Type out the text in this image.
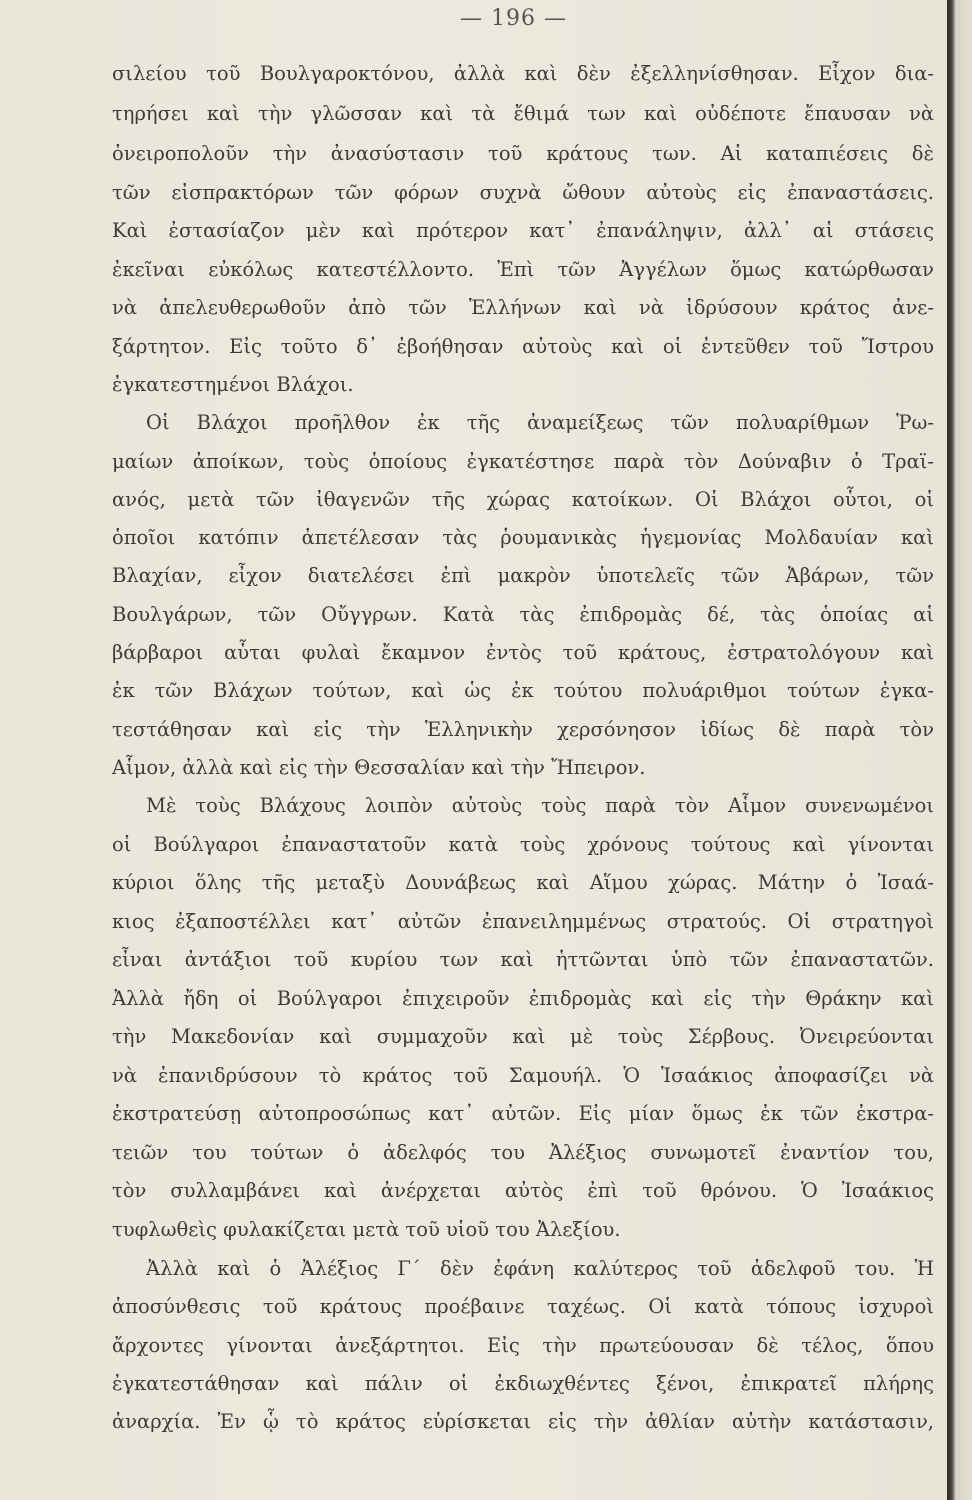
— 196 —
σιλείου τοῦ Βουλγαροκτόνου, ἀλλὰ καὶ δὲν ἐξελληνίσθησαν. Εἶχον δια-
τηρήσει καὶ τὴν γλῶσσαν καὶ τὰ ἔθιμά των καὶ οὐδέποτε ἔπαυσαν νὰ
ὀνειροπολοῦν τὴν ἀνασύστασιν τοῦ κράτους των. Αἱ καταπιέσεις δὲ
τῶν εἰσπρακτόρων τῶν φόρων συχνὰ ὤθουν αὐτοὺς εἰς ἐπαναστάσεις.
Καὶ ἐστασίαζον μὲν καὶ πρότερον κατ᾽ ἐπανάληψιν, ἀλλ᾽ αἱ στάσεις
ἐκεῖναι εὐκόλως κατεστέλλοντο. Ἐπὶ τῶν Ἀγγέλων ὅμως κατώρθωσαν
νὰ ἀπελευθερωθοῦν ἀπὸ τῶν Ἑλλήνων καὶ νὰ ἱδρύσουν κράτος ἀνε-
ξάρτητον. Εἰς τοῦτο δ᾽ ἐβοήθησαν αὐτοὺς καὶ οἱ ἐντεῦθεν τοῦ Ἴστρου
ἐγκατεστημένοι Βλάχοι.
Οἱ Βλάχοι προῆλθον ἐκ τῆς ἀναμείξεως τῶν πολυαρίθμων Ῥω-
μαίων ἀποίκων, τοὺς ὁποίους ἐγκατέστησε παρὰ τὸν Δούναβιν ὁ Τραϊ-
ανός, μετὰ τῶν ἰθαγενῶν τῆς χώρας κατοίκων. Οἱ Βλάχοι οὗτοι, οἱ
ὁποῖοι κατόπιν ἀπετέλεσαν τὰς ῥουμανικὰς ἡγεμονίας Μολδαυίαν καὶ
Βλαχίαν, εἶχον διατελέσει ἐπὶ μακρὸν ὑποτελεῖς τῶν Ἀβάρων, τῶν
Βουλγάρων, τῶν Οὔγγρων. Κατὰ τὰς ἐπιδρομὰς δέ, τὰς ὁποίας αἱ
βάρβαροι αὗται φυλαὶ ἔκαμνον ἐντὸς τοῦ κράτους, ἐστρατολόγουν καὶ
ἐκ τῶν Βλάχων τούτων, καὶ ὡς ἐκ τούτου πολυάριθμοι τούτων ἐγκα-
τεστάθησαν καὶ εἰς τὴν Ἑλληνικὴν χερσόνησον ἰδίως δὲ παρὰ τὸν
Αἷμον, ἀλλὰ καὶ εἰς τὴν Θεσσαλίαν καὶ τὴν Ἤπειρον.
Μὲ τοὺς Βλάχους λοιπὸν αὐτοὺς τοὺς παρὰ τὸν Αἷμον συνενωμένοι
οἱ Βούλγαροι ἐπαναστατοῦν κατὰ τοὺς χρόνους τούτους καὶ γίνονται
κύριοι ὅλης τῆς μεταξὺ Δουνάβεως καὶ Αἵμου χώρας. Μάτην ὁ Ἰσαά-
κιος ἐξαποστέλλει κατ᾽ αὐτῶν ἐπανειλημμένως στρατούς. Οἱ στρατηγοὶ
εἶναι ἀντάξιοι τοῦ κυρίου των καὶ ἡττῶνται ὑπὸ τῶν ἐπαναστατῶν.
Ἀλλὰ ἤδη οἱ Βούλγαροι ἐπιχειροῦν ἐπιδρομὰς καὶ εἰς τὴν Θράκην καὶ
τὴν Μακεδονίαν καὶ συμμαχοῦν καὶ μὲ τοὺς Σέρβους. Ὀνειρεύονται
νὰ ἐπανιδρύσουν τὸ κράτος τοῦ Σαμουήλ. Ὁ Ἰσαάκιος ἀποφασίζει νὰ
ἐκστρατεύσῃ αὐτοπροσώπως κατ᾽ αὐτῶν. Εἰς μίαν ὅμως ἐκ τῶν ἐκστρα-
τειῶν του τούτων ὁ ἀδελφός του Ἀλέξιος συνωμοτεῖ ἐναντίον του,
τὸν συλλαμβάνει καὶ ἀνέρχεται αὐτὸς ἐπὶ τοῦ θρόνου. Ὁ Ἰσαάκιος
τυφλωθεὶς φυλακίζεται μετὰ τοῦ υἱοῦ του Ἀλεξίου.
Ἀλλὰ καὶ ὁ Ἀλέξιος Γ´ δὲν ἐφάνη καλύτερος τοῦ ἀδελφοῦ του. Ἡ
ἀποσύνθεσις τοῦ κράτους προέβαινε ταχέως. Οἱ κατὰ τόπους ἰσχυροὶ
ἄρχοντες γίνονται ἀνεξάρτητοι. Εἰς τὴν πρωτεύουσαν δὲ τέλος, ὅπου
ἐγκατεστάθησαν καὶ πάλιν οἱ ἐκδιωχθέντες ξένοι, ἐπικρατεῖ πλήρης
ἀναρχία. Ἐν ᾧ τὸ κράτος εὑρίσκεται εἰς τὴν ἀθλίαν αὐτὴν κατάστασιν,
